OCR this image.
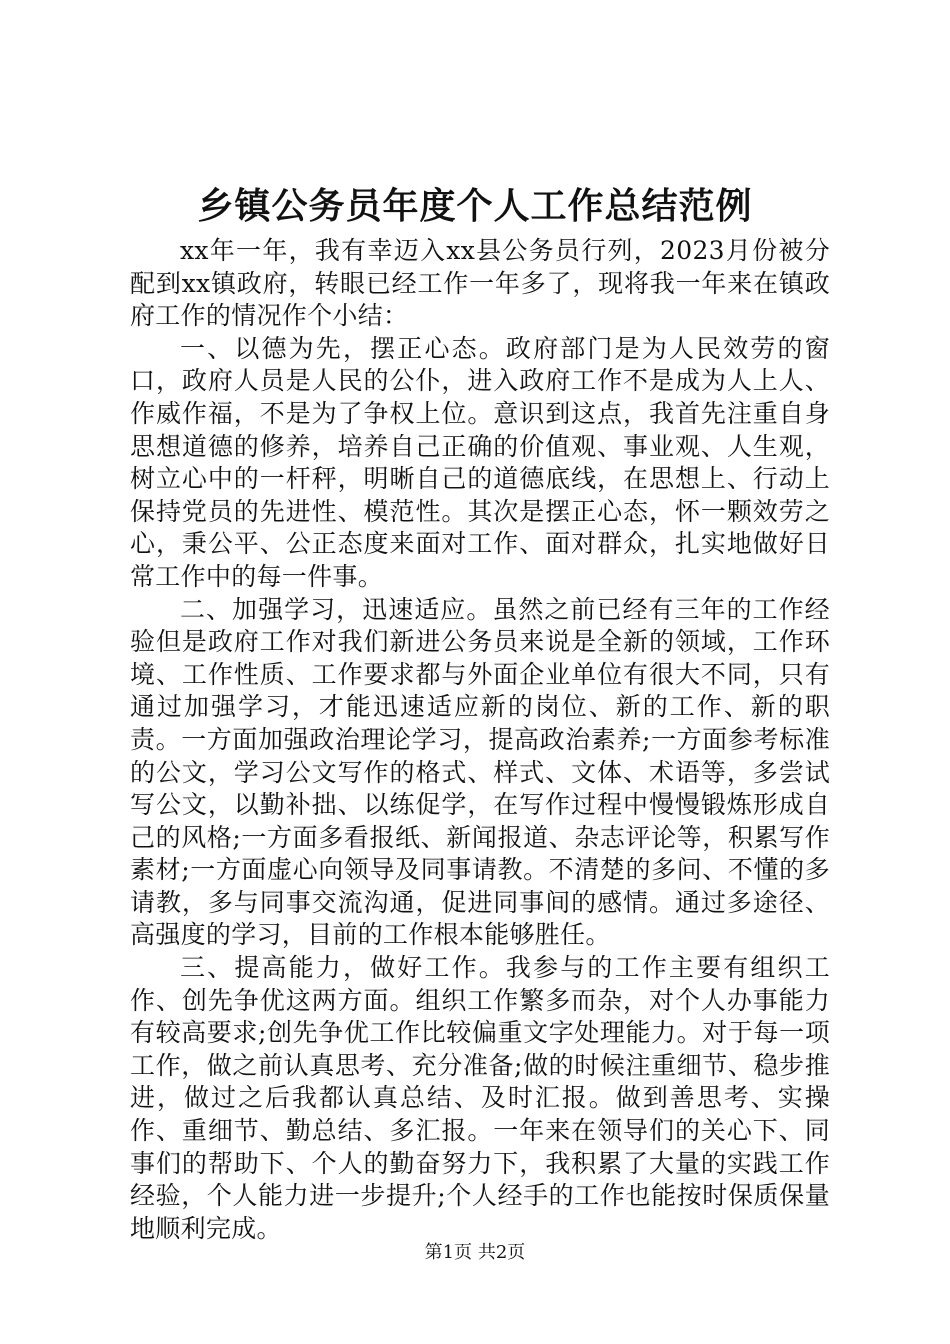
乡镇公务员年度个人工作总结范例

xx年一年，我有幸迈入xx县公务员行列，2023月份被分配到xx镇政府，转眼已经工作一年多了，现将我一年来在镇政府工作的情况作个小结：

一、以德为先，摆正心态。政府部门是为人民效劳的窗口，政府人员是人民的公仆，进入政府工作不是成为人上人、作威作福，不是为了争权上位。意识到这点，我首先注重自身思想道德的修养，培养自己正确的价值观、事业观、人生观，树立心中的一杆秤，明晰自己的道德底线，在思想上、行动上保持党员的先进性、模范性。其次是摆正心态，怀一颗效劳之心，秉公平、公正态度来面对工作、面对群众，扎实地做好日常工作中的每一件事。

二、加强学习，迅速适应。虽然之前已经有三年的工作经验但是政府工作对我们新进公务员来说是全新的领域，工作环境、工作性质、工作要求都与外面企业单位有很大不同，只有通过加强学习，才能迅速适应新的岗位、新的工作、新的职责。一方面加强政治理论学习，提高政治素养;一方面参考标准的公文，学习公文写作的格式、样式、文体、术语等，多尝试写公文，以勤补拙、以练促学，在写作过程中慢慢锻炼形成自己的风格;一方面多看报纸、新闻报道、杂志评论等，积累写作素材;一方面虚心向领导及同事请教。不清楚的多问、不懂的多请教，多与同事交流沟通，促进同事间的感情。通过多途径、高强度的学习，目前的工作根本能够胜任。

三、提高能力，做好工作。我参与的工作主要有组织工作、创先争优这两方面。组织工作繁多而杂，对个人办事能力有较高要求;创先争优工作比较偏重文字处理能力。对于每一项工作，做之前认真思考、充分准备;做的时候注重细节、稳步推进，做过之后我都认真总结、及时汇报。做到善思考、实操作、重细节、勤总结、多汇报。一年来在领导们的关心下、同事们的帮助下、个人的勤奋努力下，我积累了大量的实践工作经验，个人能力进一步提升;个人经手的工作也能按时保质保量地顺利完成。

第1页 共2页
